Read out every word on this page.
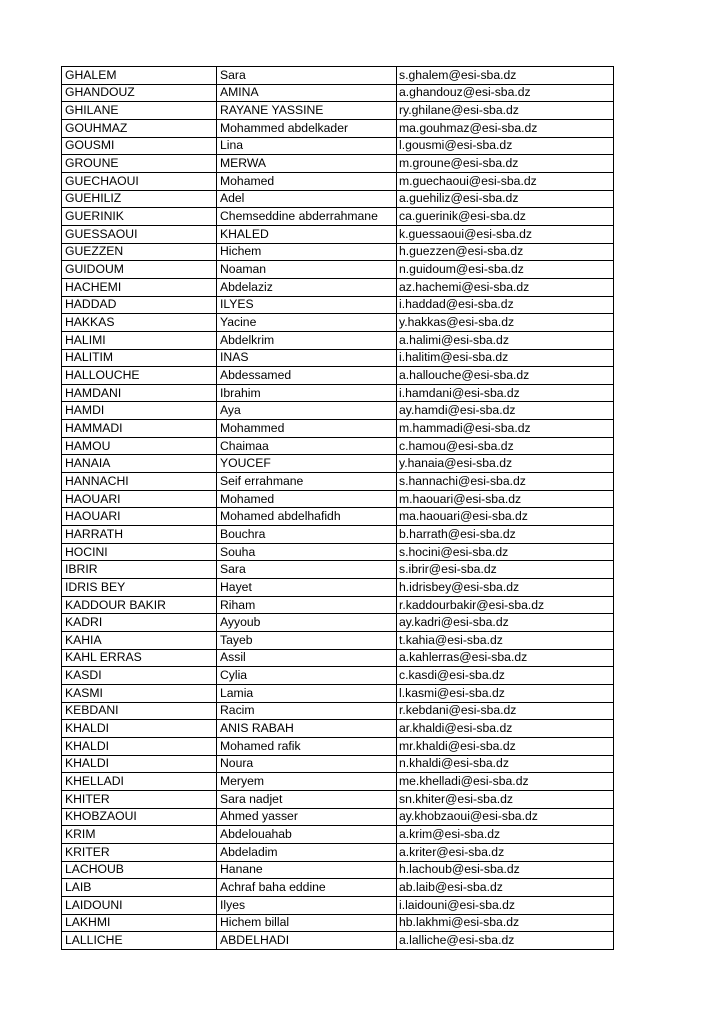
GHALEM	Sara	s.ghalem@esi-sba.dz
GHANDOUZ	AMINA	a.ghandouz@esi-sba.dz
GHILANE	RAYANE YASSINE	ry.ghilane@esi-sba.dz
GOUHMAZ	Mohammed abdelkader	ma.gouhmaz@esi-sba.dz
GOUSMI	Lina	l.gousmi@esi-sba.dz
GROUNE	MERWA	m.groune@esi-sba.dz
GUECHAOUI	Mohamed	m.guechaoui@esi-sba.dz
GUEHILIZ	Adel	a.guehiliz@esi-sba.dz
GUERINIK	Chemseddine abderrahmane	ca.guerinik@esi-sba.dz
GUESSAOUI	KHALED	k.guessaoui@esi-sba.dz
GUEZZEN	Hichem	h.guezzen@esi-sba.dz
GUIDOUM	Noaman	n.guidoum@esi-sba.dz
HACHEMI	Abdelaziz	az.hachemi@esi-sba.dz
HADDAD	ILYES	i.haddad@esi-sba.dz
HAKKAS	Yacine	y.hakkas@esi-sba.dz
HALIMI	Abdelkrim	a.halimi@esi-sba.dz
HALITIM	INAS	i.halitim@esi-sba.dz
HALLOUCHE	Abdessamed	a.hallouche@esi-sba.dz
HAMDANI	Ibrahim	i.hamdani@esi-sba.dz
HAMDI	Aya	ay.hamdi@esi-sba.dz
HAMMADI	Mohammed	m.hammadi@esi-sba.dz
HAMOU	Chaimaa	c.hamou@esi-sba.dz
HANAIA	YOUCEF	y.hanaia@esi-sba.dz
HANNACHI	Seif errahmane	s.hannachi@esi-sba.dz
HAOUARI	Mohamed	m.haouari@esi-sba.dz
HAOUARI	Mohamed abdelhafidh	ma.haouari@esi-sba.dz
HARRATH	Bouchra	b.harrath@esi-sba.dz
HOCINI	Souha	s.hocini@esi-sba.dz
IBRIR	Sara	s.ibrir@esi-sba.dz
IDRIS BEY	Hayet	h.idrisbey@esi-sba.dz
KADDOUR BAKIR	Riham	r.kaddourbakir@esi-sba.dz
KADRI	Ayyoub	ay.kadri@esi-sba.dz
KAHIA	Tayeb	t.kahia@esi-sba.dz
KAHL ERRAS	Assil	a.kahlerras@esi-sba.dz
KASDI	Cylia	c.kasdi@esi-sba.dz
KASMI	Lamia	l.kasmi@esi-sba.dz
KEBDANI	Racim	r.kebdani@esi-sba.dz
KHALDI	ANIS RABAH	ar.khaldi@esi-sba.dz
KHALDI	Mohamed rafik	mr.khaldi@esi-sba.dz
KHALDI	Noura	n.khaldi@esi-sba.dz
KHELLADI	Meryem	me.khelladi@esi-sba.dz
KHITER	Sara nadjet	sn.khiter@esi-sba.dz
KHOBZAOUI	Ahmed yasser	ay.khobzaoui@esi-sba.dz
KRIM	Abdelouahab	a.krim@esi-sba.dz
KRITER	Abdeladim	a.kriter@esi-sba.dz
LACHOUB	Hanane	h.lachoub@esi-sba.dz
LAIB	Achraf baha eddine	ab.laib@esi-sba.dz
LAIDOUNI	Ilyes	i.laidouni@esi-sba.dz
LAKHMI	Hichem billal	hb.lakhmi@esi-sba.dz
LALLICHE	ABDELHADI	a.lalliche@esi-sba.dz
